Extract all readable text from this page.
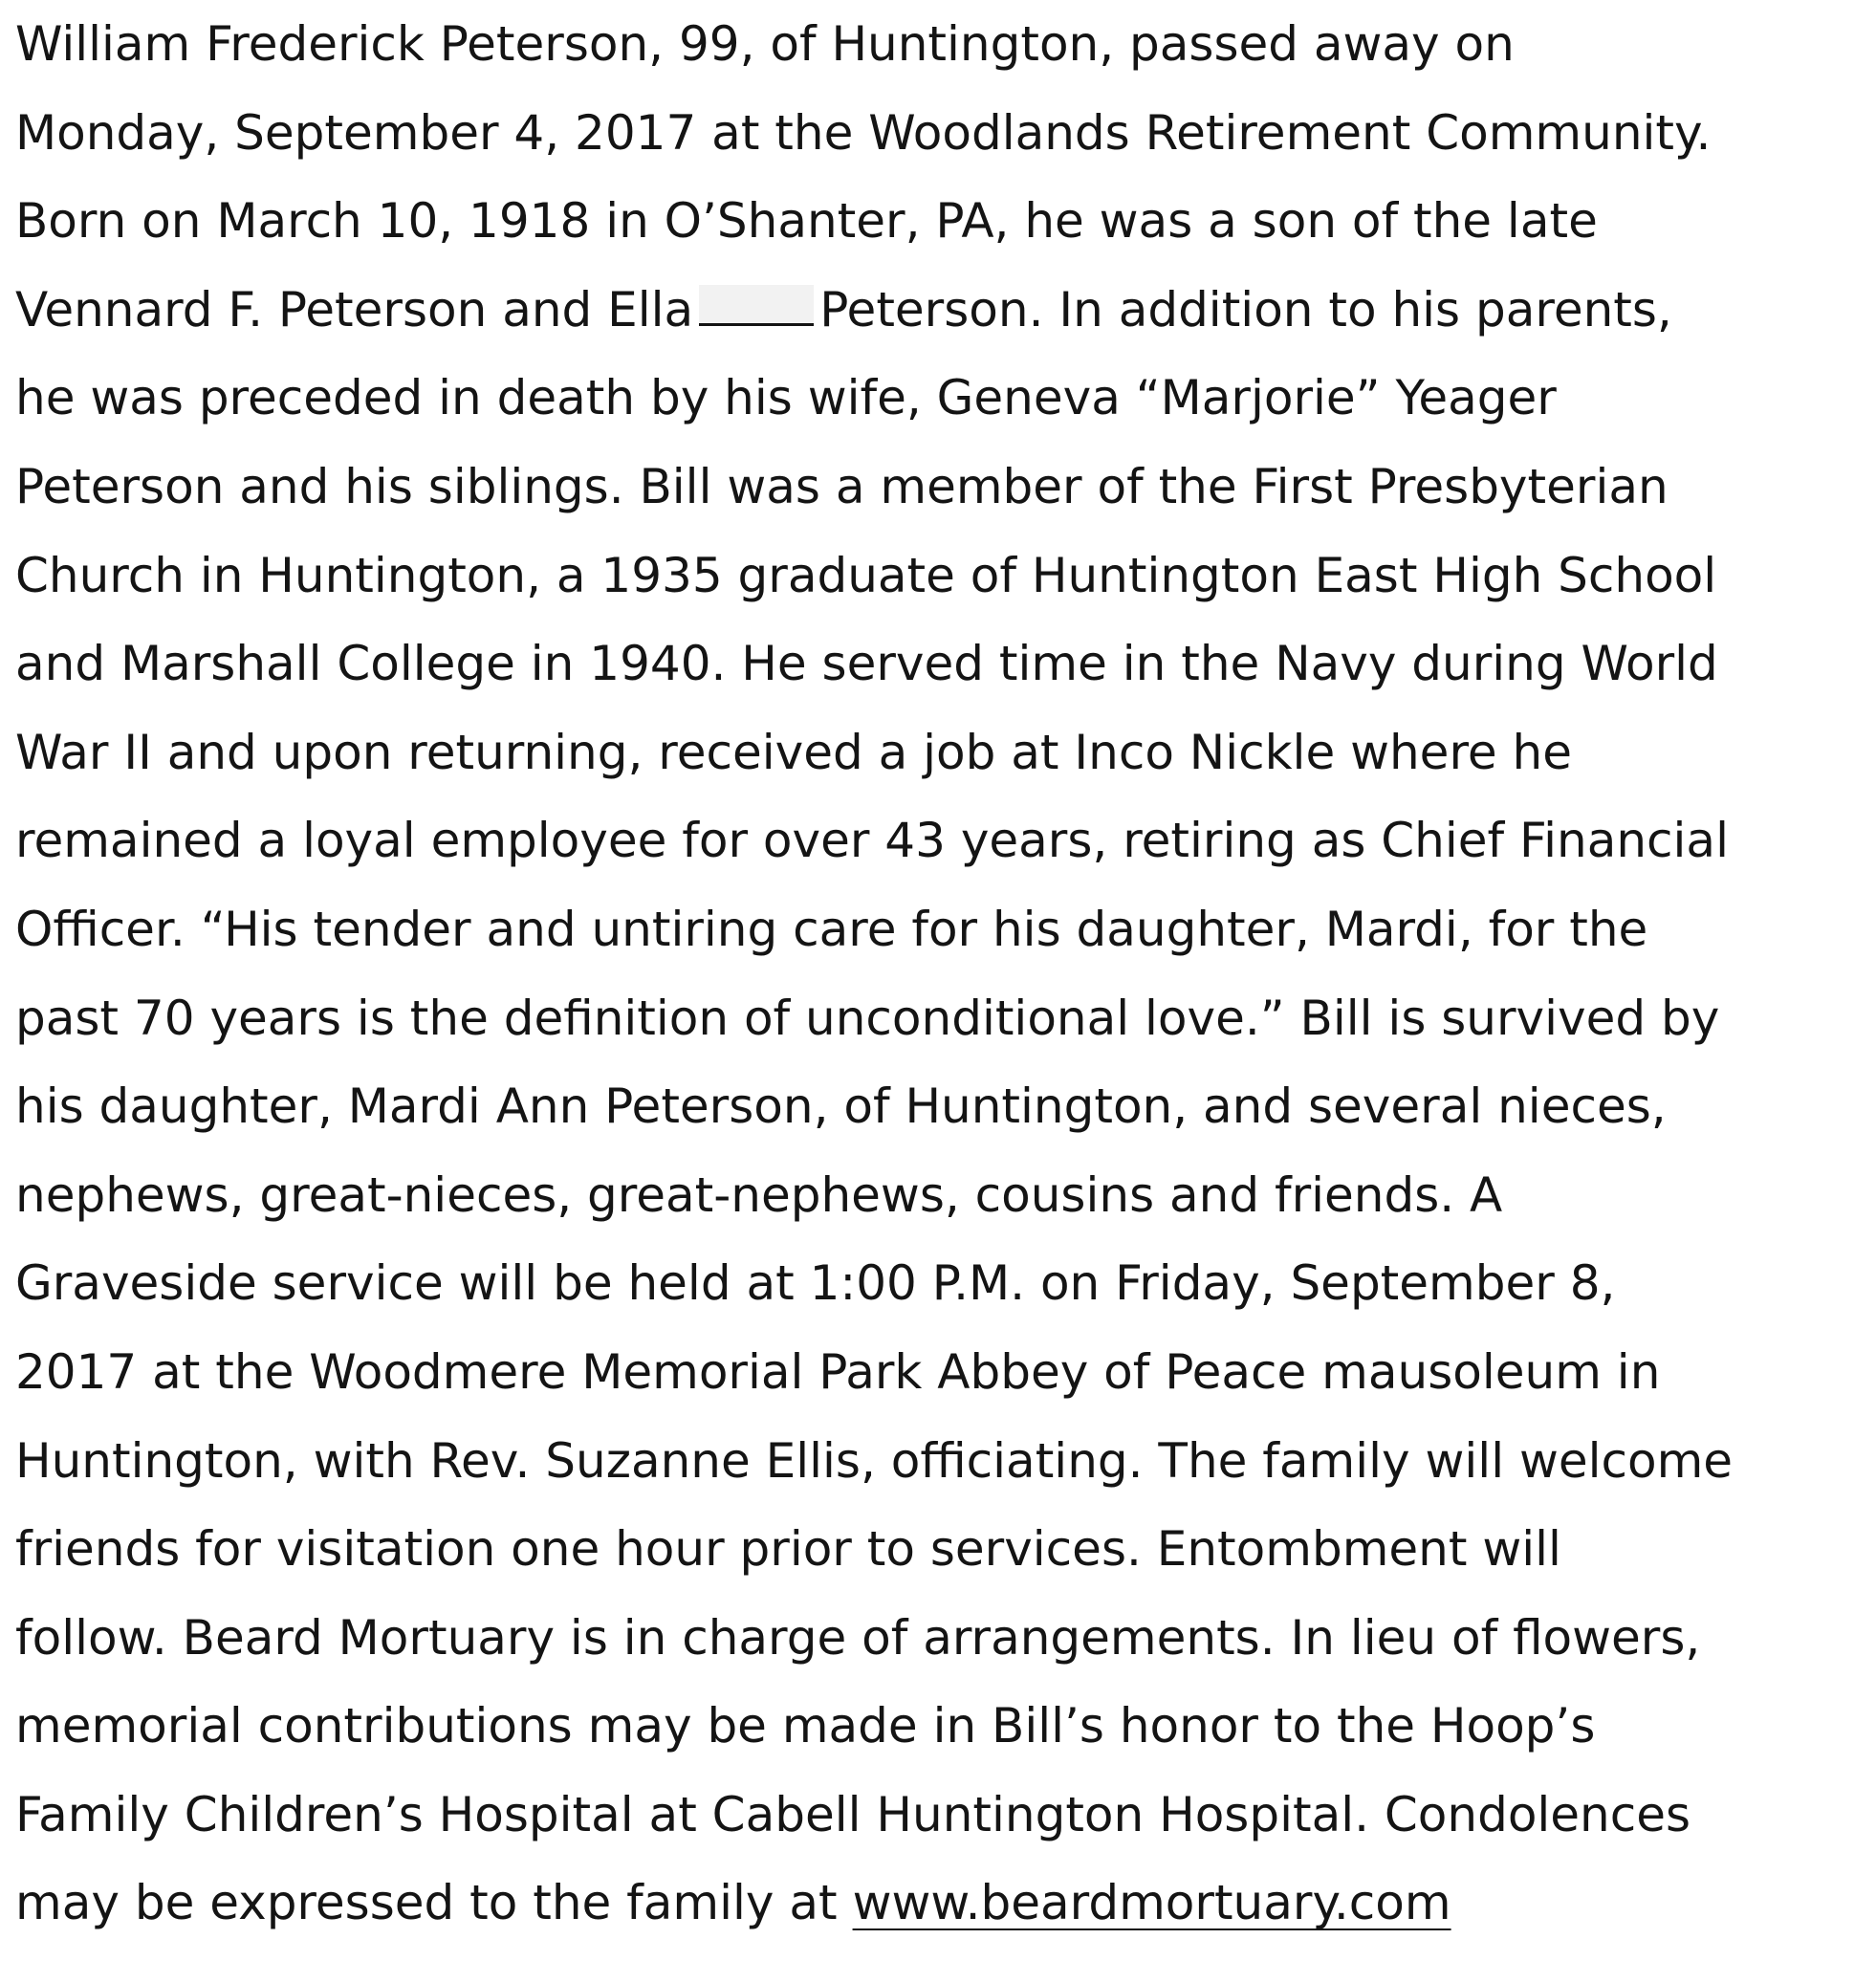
William Frederick Peterson, 99, of Huntington, passed away on
Monday, September 4, 2017 at the Woodlands Retirement Community.
Born on March 10, 1918 in O’Shanter, PA, he was a son of the late
Vennard F. Peterson and Ella	Peterson. In addition to his parents,
he was preceded in death by his wife, Geneva “Marjorie” Yeager
Peterson and his siblings. Bill was a member of the First Presbyterian
Church in Huntington, a 1935 graduate of Huntington East High School
and Marshall College in 1940. He served time in the Navy during World
War II and upon returning, received a job at Inco Nickle where he
remained a loyal employee for over 43 years, retiring as Chief Financial
Officer. “His tender and untiring care for his daughter, Mardi, for the
past 70 years is the definition of unconditional love.” Bill is survived by
his daughter, Mardi Ann Peterson, of Huntington, and several nieces,
nephews, great-nieces, great-nephews, cousins and friends. A
Graveside service will be held at 1:00 P.M. on Friday, September 8,
2017 at the Woodmere Memorial Park Abbey of Peace mausoleum in
Huntington, with Rev. Suzanne Ellis, officiating. The family will welcome
friends for visitation one hour prior to services. Entombment will
follow. Beard Mortuary is in charge of arrangements. In lieu of flowers,
memorial contributions may be made in Bill’s honor to the Hoop’s
Family Children’s Hospital at Cabell Huntington Hospital. Condolences
may be expressed to the family at www.beardmortuary.com
